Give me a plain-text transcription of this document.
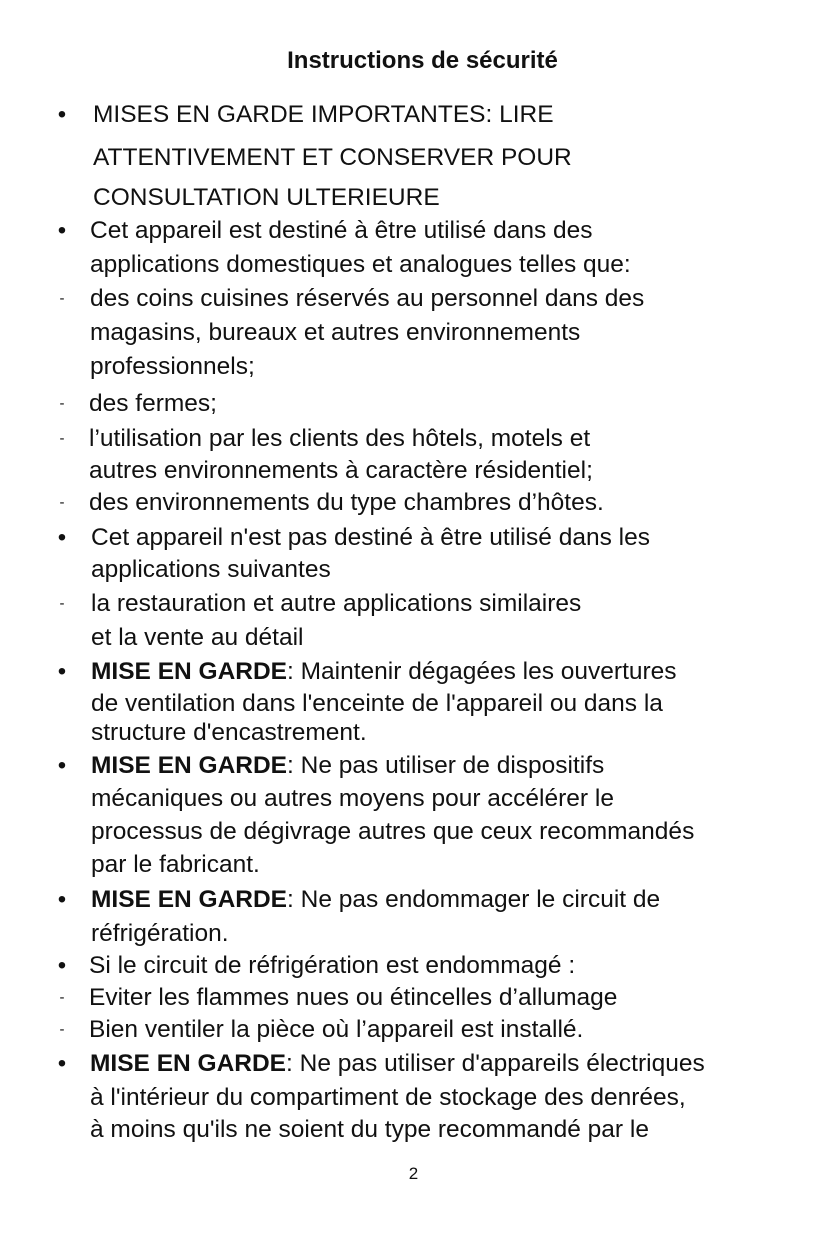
Instructions de sécurité
• MISES EN GARDE IMPORTANTES: LIRE
ATTENTIVEMENT ET CONSERVER POUR
CONSULTATION ULTERIEURE
• Cet appareil est destiné à être utilisé dans des
applications domestiques et analogues telles que:
-	des coins cuisines réservés au personnel dans des
magasins, bureaux et autres environnements
professionnels;
-	des fermes;
-	l’utilisation par les clients des hôtels, motels et
autres environnements à caractère résidentiel;
-	des environnements du type chambres d’hôtes.
• Cet appareil n'est pas destiné à être utilisé dans les
applications suivantes
-	la restauration et autre applications similaires
et la vente au détail
• MISE EN GARDE: Maintenir dégagées les ouvertures
de ventilation dans l'enceinte de l'appareil ou dans la
structure d'encastrement.
• MISE EN GARDE: Ne pas utiliser de dispositifs
mécaniques ou autres moyens pour accélérer le
processus de dégivrage autres que ceux recommandés
par le fabricant.
• MISE EN GARDE: Ne pas endommager le circuit de
réfrigération.
• Si le circuit de réfrigération est endommagé :
-	Eviter les flammes nues ou étincelles d’allumage
-	Bien ventiler la pièce où l’appareil est installé.
• MISE EN GARDE: Ne pas utiliser d'appareils électriques
à l'intérieur du compartiment de stockage des denrées,
à moins qu'ils ne soient du type recommandé par le
2
